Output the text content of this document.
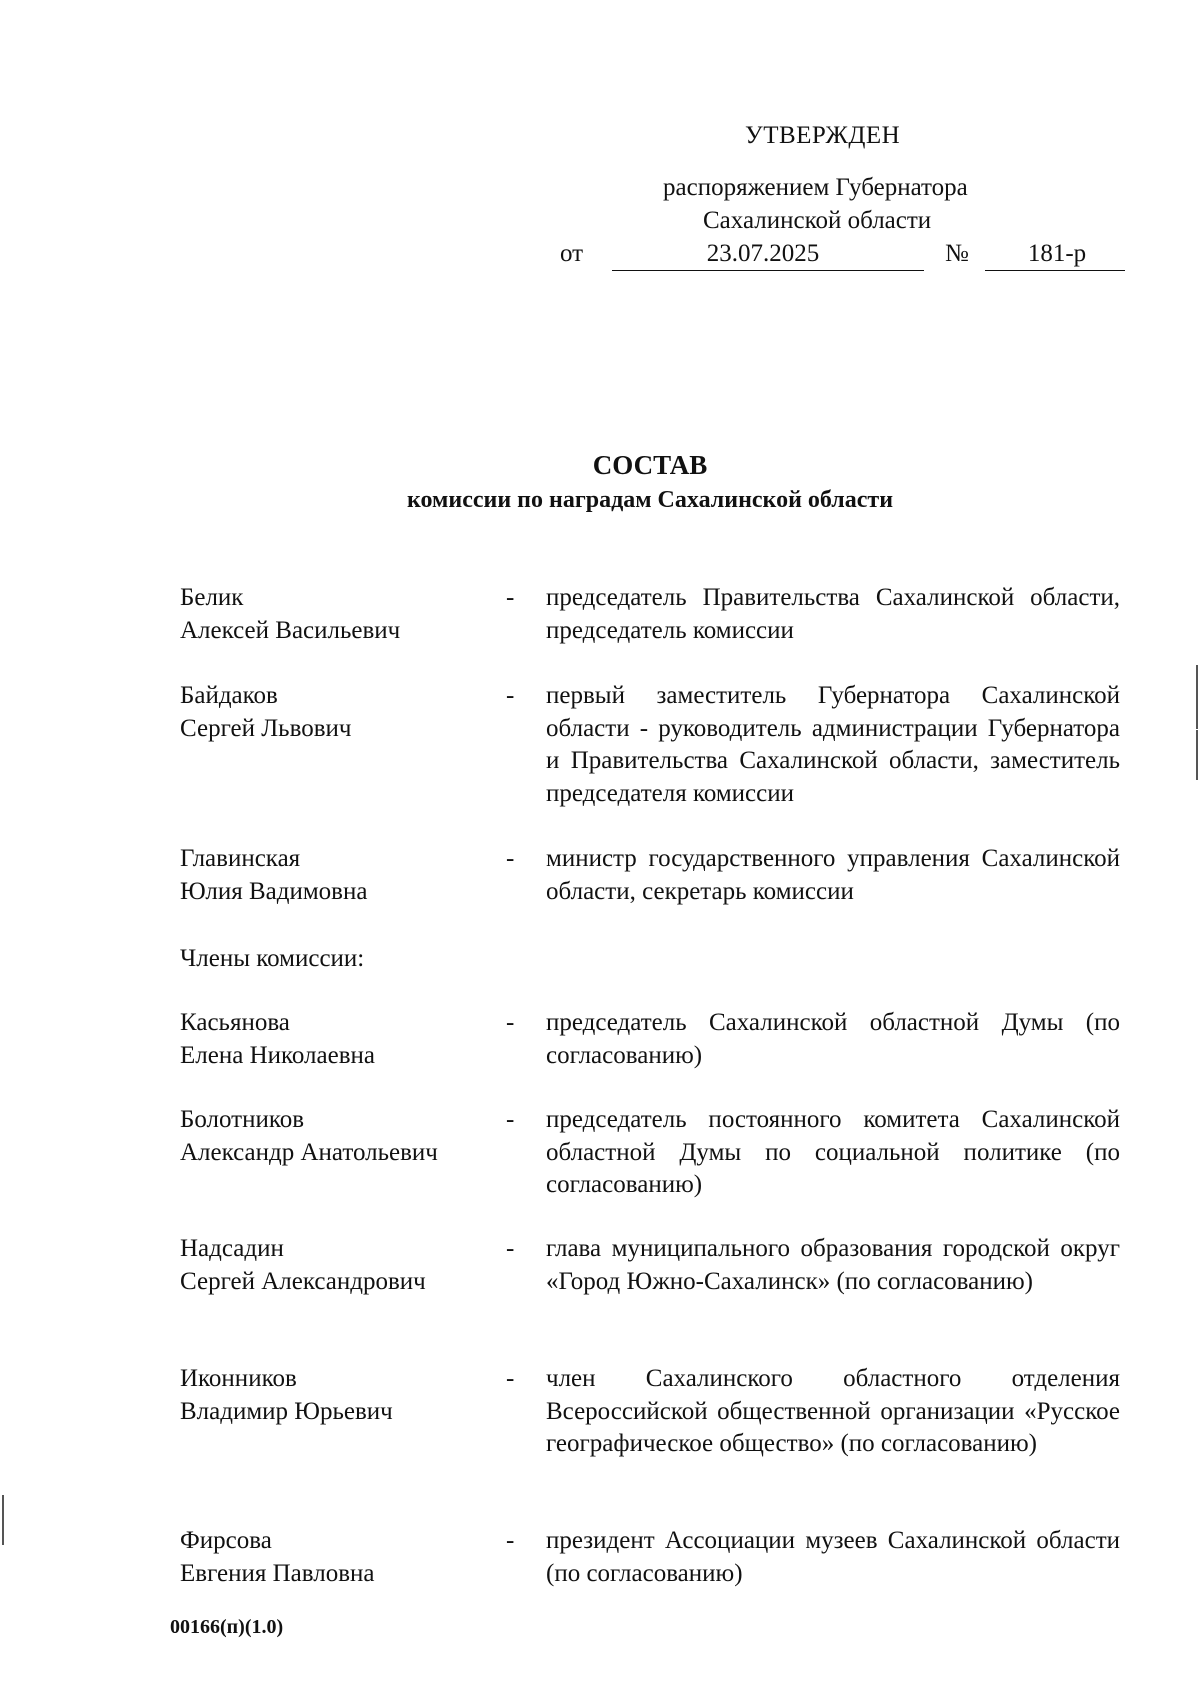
УТВЕРЖДЕН
распоряжением Губернатора
Сахалинской области
от	23.07.2025	№	181-р
СОСТАВ
комиссии по наградам Сахалинской области
Белик
Алексей Васильевич
- председатель Правительства Сахалинской области, председатель комиссии
Байдаков
Сергей Львович
- первый заместитель Губернатора Сахалинской области - руководитель администрации Губернатора и Правительства Сахалинской области, заместитель председателя комиссии
Главинская
Юлия Вадимовна
- министр государственного управления Сахалинской области, секретарь комиссии
Члены комиссии:
Касьянова
Елена Николаевна
- председатель Сахалинской областной Думы (по согласованию)
Болотников
Александр Анатольевич
- председатель постоянного комитета Сахалинской областной Думы по социальной политике (по согласованию)
Надсадин
Сергей Александрович
- глава муниципального образования городской округ «Город Южно-Сахалинск» (по согласованию)
Иконников
Владимир Юрьевич
- член Сахалинского областного отделения Всероссийской общественной организации «Русское географическое общество» (по согласованию)
Фирсова
Евгения Павловна
- президент Ассоциации музеев Сахалинской области (по согласованию)
00166(п)(1.0)
